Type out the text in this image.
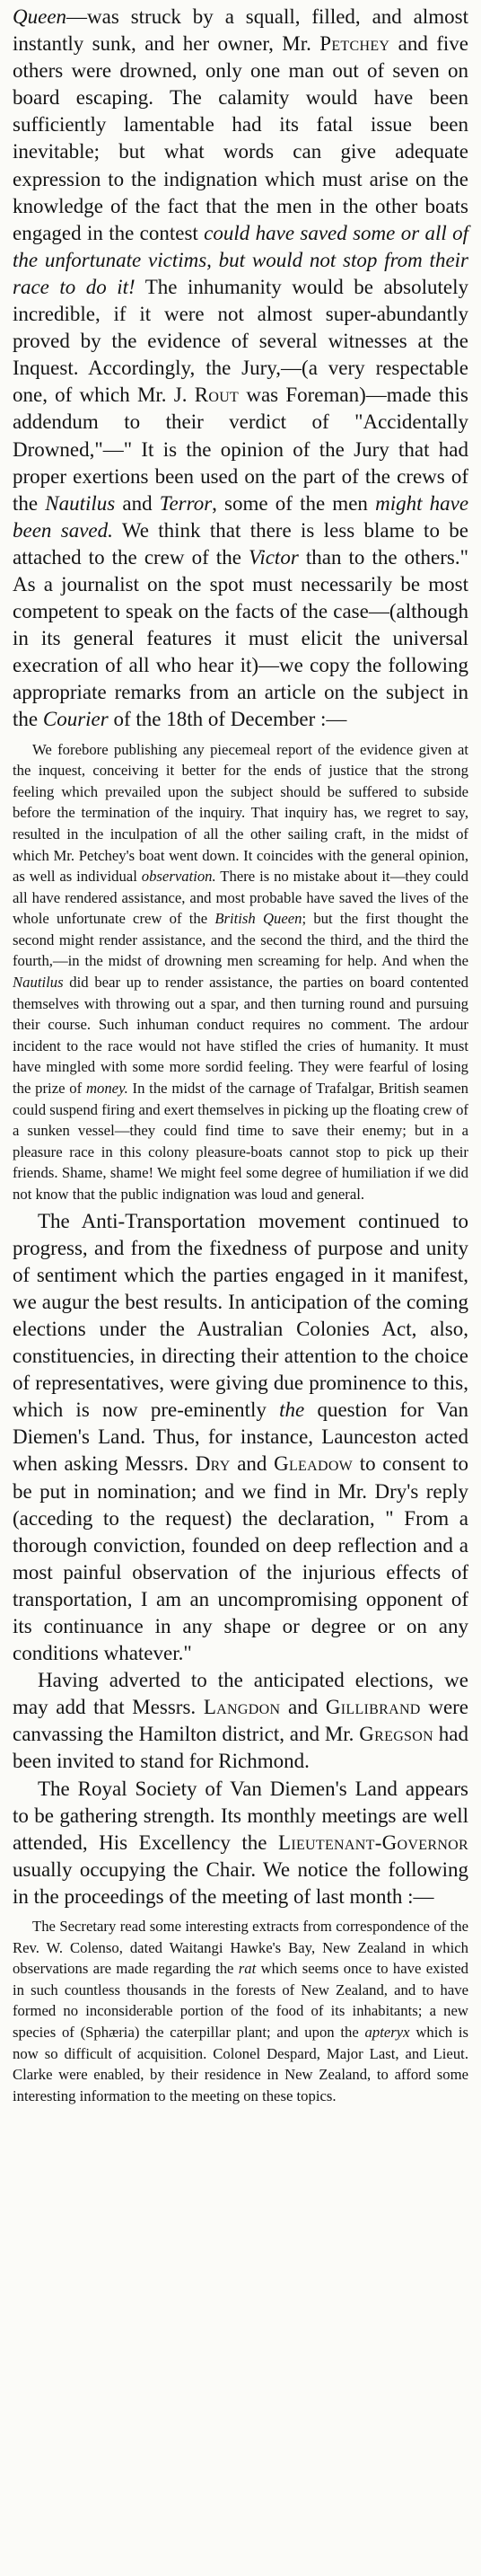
Queen—was struck by a squall, filled, and almost instantly sunk, and her owner, Mr. Petchey and five others were drowned, only one man out of seven on board escaping. The calamity would have been sufficiently lamentable had its fatal issue been inevitable; but what words can give adequate expression to the indignation which must arise on the knowledge of the fact that the men in the other boats engaged in the contest could have saved some or all of the unfortunate victims, but would not stop from their race to do it! The inhumanity would be absolutely incredible, if it were not almost super-abundantly proved by the evidence of several witnesses at the Inquest. Accordingly, the Jury,—(a very respectable one, of which Mr. J. Rout was Foreman)—made this addendum to their verdict of "Accidentally Drowned,"—" It is the opinion of the Jury that had proper exertions been used on the part of the crews of the Nautilus and Terror, some of the men might have been saved. We think that there is less blame to be attached to the crew of the Victor than to the others." As a journalist on the spot must necessarily be most competent to speak on the facts of the case—(although in its general features it must elicit the universal execration of all who hear it)—we copy the following appropriate remarks from an article on the subject in the Courier of the 18th of December :—

We forebore publishing any piecemeal report of the evidence given at the inquest, conceiving it better for the ends of justice that the strong feeling which prevailed upon the subject should be suffered to subside before the termination of the inquiry. That inquiry has, we regret to say, resulted in the inculpation of all the other sailing craft, in the midst of which Mr. Petchey's boat went down. It coincides with the general opinion, as well as individual observation. There is no mistake about it—they could all have rendered assistance, and most probable have saved the lives of the whole unfortunate crew of the British Queen; but the first thought the second might render assistance, and the second the third, and the third the fourth,—in the midst of drowning men screaming for help. And when the Nautilus did bear up to render assistance, the parties on board contented themselves with throwing out a spar, and then turning round and pursuing their course. Such inhuman conduct requires no comment. The ardour incident to the race would not have stifled the cries of humanity. It must have mingled with some more sordid feeling. They were fearful of losing the prize of money. In the midst of the carnage of Trafalgar, British seamen could suspend firing and exert themselves in picking up the floating crew of a sunken vessel—they could find time to save their enemy; but in a pleasure race in this colony pleasure-boats cannot stop to pick up their friends. Shame, shame! We might feel some degree of humiliation if we did not know that the public indignation was loud and general.

The Anti-Transportation movement continued to progress, and from the fixedness of purpose and unity of sentiment which the parties engaged in it manifest, we augur the best results. In anticipation of the coming elections under the Australian Colonies Act, also, constituencies, in directing their attention to the choice of representatives, were giving due prominence to this, which is now pre-eminently the question for Van Diemen's Land. Thus, for instance, Launceston acted when asking Messrs. Dry and Gleadow to consent to be put in nomination; and we find in Mr. Dry's reply (acceding to the request) the declaration, " From a thorough conviction, founded on deep reflection and a most painful observation of the injurious effects of transportation, I am an uncompromising opponent of its continuance in any shape or degree or on any conditions whatever."

Having adverted to the anticipated elections, we may add that Messrs. Langdon and Gillibrand were canvassing the Hamilton district, and Mr. Gregson had been invited to stand for Richmond.

The Royal Society of Van Diemen's Land appears to be gathering strength. Its monthly meetings are well attended, His Excellency the Lieutenant-Governor usually occupying the Chair. We notice the following in the proceedings of the meeting of last month :—

The Secretary read some interesting extracts from correspondence of the Rev. W. Colenso, dated Waitangi Hawke's Bay, New Zealand in which observations are made regarding the rat which seems once to have existed in such countless thousands in the forests of New Zealand, and to have formed no inconsiderable portion of the food of its inhabitants; a new species of (Sphæria) the caterpillar plant; and upon the apteryx which is now so difficult of acquisition. Colonel Despard, Major Last, and Lieut. Clarke were enabled, by their residence in New Zealand, to afford some interesting information to the meeting on these topics.
